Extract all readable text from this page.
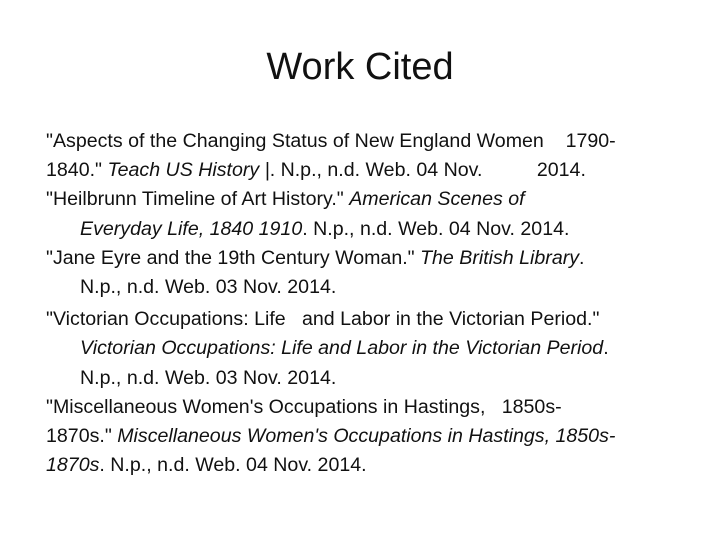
Work Cited
"Aspects of the Changing Status of New England Women    1790-
1840." Teach US History |. N.p., n.d. Web. 04 Nov.          2014.
"Heilbrunn Timeline of Art History." American Scenes of
Everyday Life, 1840 1910. N.p., n.d. Web. 04 Nov. 2014.
"Jane Eyre and the 19th Century Woman." The British Library.
N.p., n.d. Web. 03 Nov. 2014.
"Victorian Occupations: Life   and Labor in the Victorian Period."
Victorian Occupations: Life and Labor in the Victorian Period.
N.p., n.d. Web. 03 Nov. 2014.
"Miscellaneous Women's Occupations in Hastings,   1850s-
1870s." Miscellaneous Women's Occupations in Hastings, 1850s-
1870s. N.p., n.d. Web. 04 Nov. 2014.
